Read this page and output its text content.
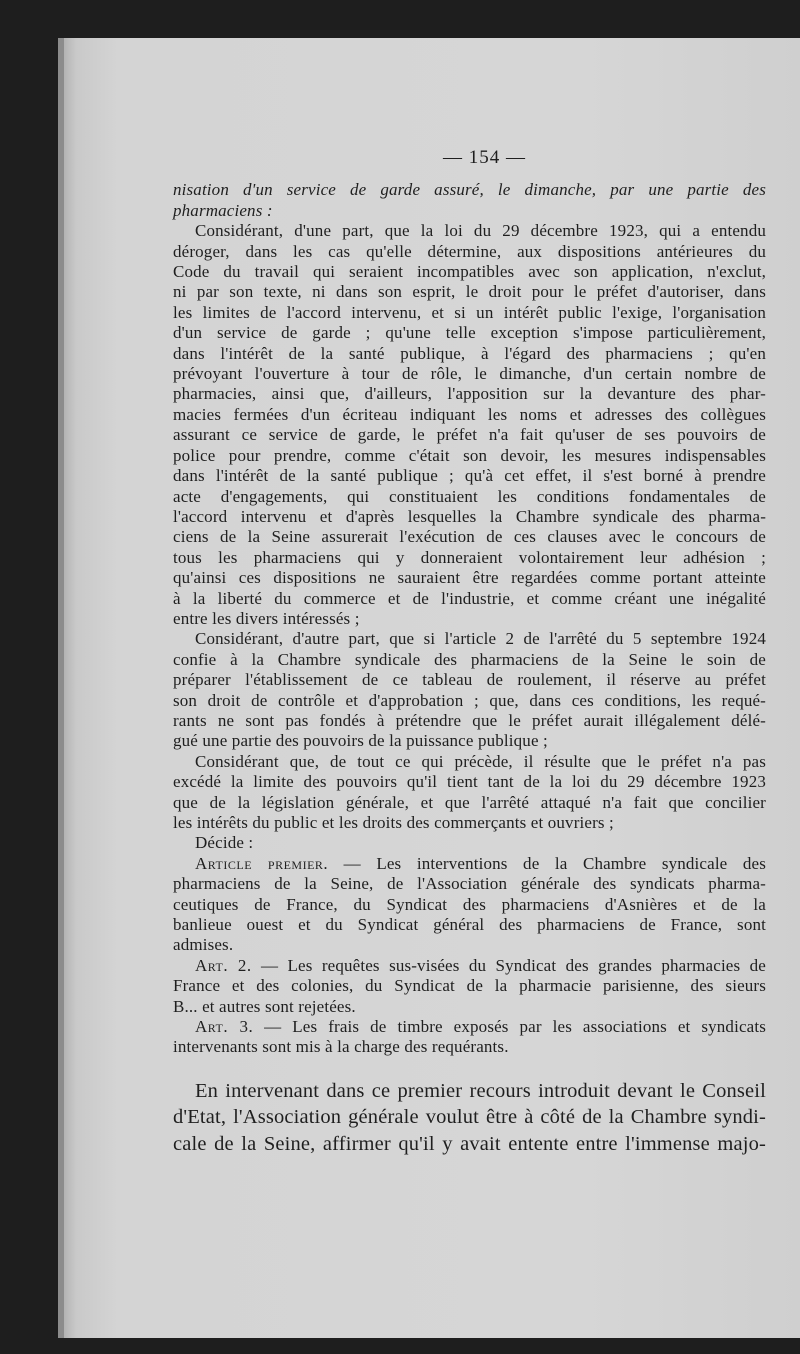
— 154 —
nisation d'un service de garde assuré, le dimanche, par une partie des
pharmaciens :
Considérant, d'une part, que la loi du 29 décembre 1923, qui a entendu
déroger, dans les cas qu'elle détermine, aux dispositions antérieures du
Code du travail qui seraient incompatibles avec son application, n'exclut,
ni par son texte, ni dans son esprit, le droit pour le préfet d'autoriser, dans
les limites de l'accord intervenu, et si un intérêt public l'exige, l'organisation
d'un service de garde ; qu'une telle exception s'impose particulièrement,
dans l'intérêt de la santé publique, à l'égard des pharmaciens ; qu'en
prévoyant l'ouverture à tour de rôle, le dimanche, d'un certain nombre de
pharmacies, ainsi que, d'ailleurs, l'apposition sur la devanture des phar-
macies fermées d'un écriteau indiquant les noms et adresses des collègues
assurant ce service de garde, le préfet n'a fait qu'user de ses pouvoirs de
police pour prendre, comme c'était son devoir, les mesures indispensables
dans l'intérêt de la santé publique ; qu'à cet effet, il s'est borné à prendre
acte d'engagements, qui constituaient les conditions fondamentales de
l'accord intervenu et d'après lesquelles la Chambre syndicale des pharma-
ciens de la Seine assurerait l'exécution de ces clauses avec le concours de
tous les pharmaciens qui y donneraient volontairement leur adhésion ;
qu'ainsi ces dispositions ne sauraient être regardées comme portant atteinte
à la liberté du commerce et de l'industrie, et comme créant une inégalité
entre les divers intéressés ;
Considérant, d'autre part, que si l'article 2 de l'arrêté du 5 septembre 1924
confie à la Chambre syndicale des pharmaciens de la Seine le soin de
préparer l'établissement de ce tableau de roulement, il réserve au préfet
son droit de contrôle et d'approbation ; que, dans ces conditions, les requé-
rants ne sont pas fondés à prétendre que le préfet aurait illégalement délé-
gué une partie des pouvoirs de la puissance publique ;
Considérant que, de tout ce qui précède, il résulte que le préfet n'a pas
excédé la limite des pouvoirs qu'il tient tant de la loi du 29 décembre 1923
que de la législation générale, et que l'arrêté attaqué n'a fait que concilier
les intérêts du public et les droits des commerçants et ouvriers ;
Décide :
Article premier. — Les interventions de la Chambre syndicale des
pharmaciens de la Seine, de l'Association générale des syndicats pharma-
ceutiques de France, du Syndicat des pharmaciens d'Asnières et de la
banlieue ouest et du Syndicat général des pharmaciens de France, sont
admises.
Art. 2. — Les requêtes sus-visées du Syndicat des grandes pharmacies de
France et des colonies, du Syndicat de la pharmacie parisienne, des sieurs
B... et autres sont rejetées.
Art. 3. — Les frais de timbre exposés par les associations et syndicats
intervenants sont mis à la charge des requérants.
En intervenant dans ce premier recours introduit devant le Conseil
d'Etat, l'Association générale voulut être à côté de la Chambre syndi-
cale de la Seine, affirmer qu'il y avait entente entre l'immense majo-
